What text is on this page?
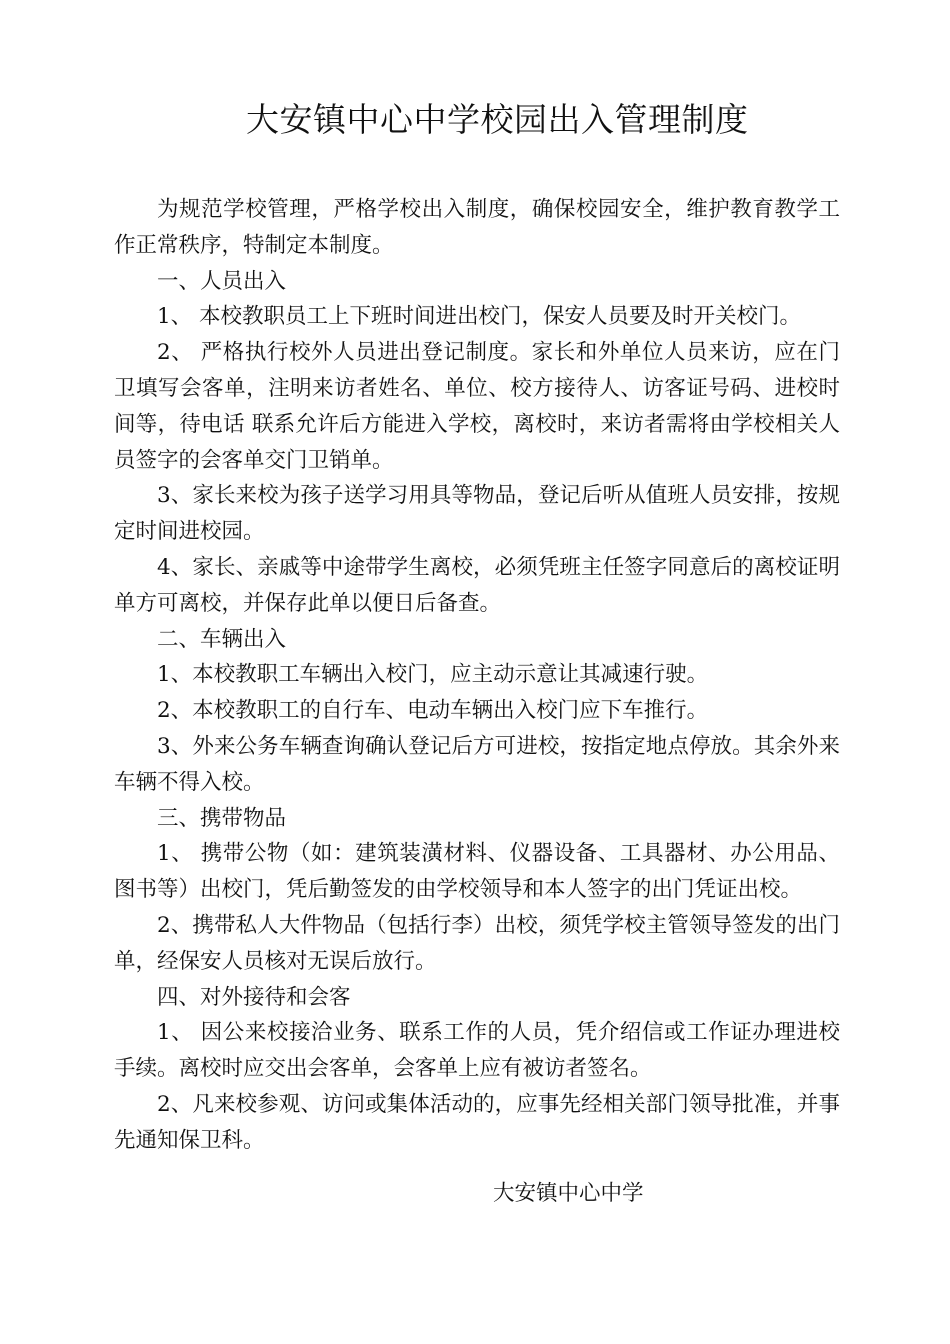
大安镇中心中学校园出入管理制度

为规范学校管理，严格学校出入制度，确保校园安全，维护教育教学工作正常秩序，特制定本制度。

一、人员出入

1、 本校教职员工上下班时间进出校门，保安人员要及时开关校门。

2、 严格执行校外人员进出登记制度。家长和外单位人员来访，应在门卫填写会客单，注明来访者姓名、单位、校方接待人、访客证号码、进校时间等，待电话 联系允许后方能进入学校，离校时，来访者需将由学校相关人员签字的会客单交门卫销单。

3、家长来校为孩子送学习用具等物品，登记后听从值班人员安排，按规定时间进校园。

4、家长、亲戚等中途带学生离校，必须凭班主任签字同意后的离校证明单方可离校，并保存此单以便日后备查。

二、车辆出入

1、本校教职工车辆出入校门，应主动示意让其减速行驶。

2、本校教职工的自行车、电动车辆出入校门应下车推行。

3、外来公务车辆查询确认登记后方可进校，按指定地点停放。其余外来车辆不得入校。

三、携带物品

1、 携带公物（如：建筑装潢材料、仪器设备、工具器材、办公用品、图书等）出校门，凭后勤签发的由学校领导和本人签字的出门凭证出校。

2、携带私人大件物品（包括行李）出校，须凭学校主管领导签发的出门单，经保安人员核对无误后放行。

四、对外接待和会客

1、 因公来校接洽业务、联系工作的人员，凭介绍信或工作证办理进校手续。离校时应交出会客单，会客单上应有被访者签名。

2、凡来校参观、访问或集体活动的，应事先经相关部门领导批准，并事先通知保卫科。

大安镇中心中学
